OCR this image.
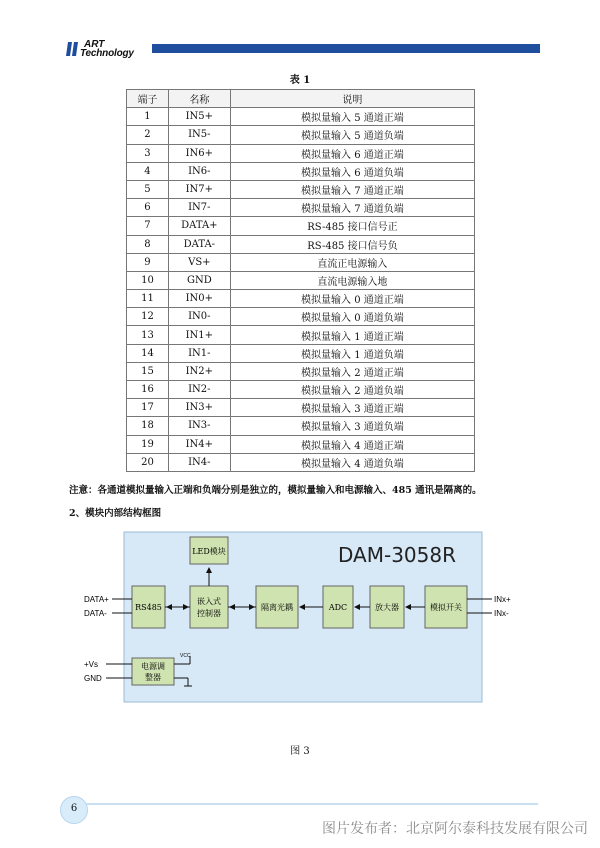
ART
Technology
表 1
端子	名称	说明
1	IN5+	模拟量输入 5 通道正端
2	IN5-	模拟量输入 5 通道负端
3	IN6+	模拟量输入 6 通道正端
4	IN6-	模拟量输入 6 通道负端
5	IN7+	模拟量输入 7 通道正端
6	IN7-	模拟量输入 7 通道负端
7	DATA+	RS-485 接口信号正
8	DATA-	RS-485 接口信号负
9	VS+	直流正电源输入
10	GND	直流电源输入地
11	IN0+	模拟量输入 0 通道正端
12	IN0-	模拟量输入 0 通道负端
13	IN1+	模拟量输入 1 通道正端
14	IN1-	模拟量输入 1 通道负端
15	IN2+	模拟量输入 2 通道正端
16	IN2-	模拟量输入 2 通道负端
17	IN3+	模拟量输入 3 通道正端
18	IN3-	模拟量输入 3 通道负端
19	IN4+	模拟量输入 4 通道正端
20	IN4-	模拟量输入 4 通道负端
注意：各通道模拟量输入正端和负端分别是独立的，模拟量输入和电源输入、485 通讯是隔离的。
2、模块内部结构框图
DAM-3058R
LED模块
RS485
嵌入式
控制器
隔离光耦	ADC	放大器	模拟开关
电源调
整器
DATA+
DATA-
+Vs
GND
VCC
INx+
INx-
图 3
6
图片发布者：北京阿尔泰科技发展有限公司
